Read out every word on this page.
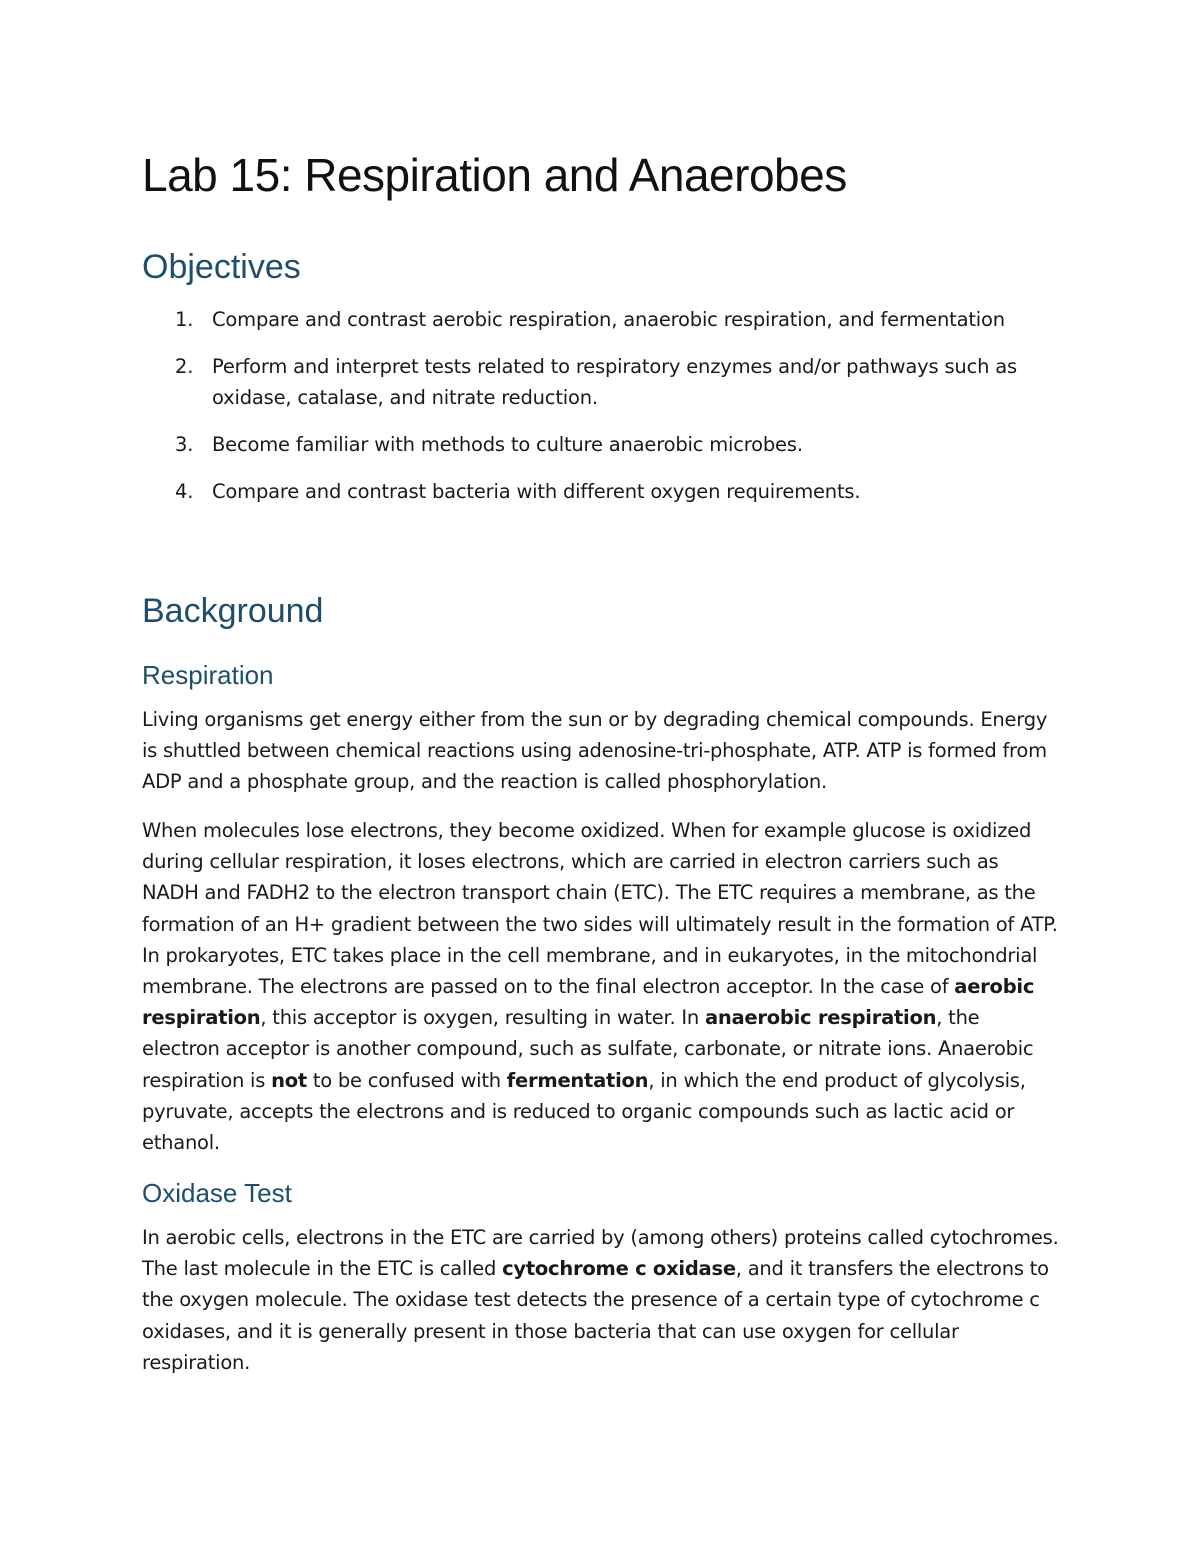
Lab 15: Respiration and Anaerobes
Objectives
1. Compare and contrast aerobic respiration, anaerobic respiration, and fermentation
2. Perform and interpret tests related to respiratory enzymes and/or pathways such as oxidase, catalase, and nitrate reduction.
3. Become familiar with methods to culture anaerobic microbes.
4. Compare and contrast bacteria with different oxygen requirements.
Background
Respiration

Living organisms get energy either from the sun or by degrading chemical compounds. Energy is shuttled between chemical reactions using adenosine-tri-phosphate, ATP. ATP is formed from ADP and a phosphate group, and the reaction is called phosphorylation.

When molecules lose electrons, they become oxidized. When for example glucose is oxidized during cellular respiration, it loses electrons, which are carried in electron carriers such as NADH and FADH2 to the electron transport chain (ETC). The ETC requires a membrane, as the formation of an H+ gradient between the two sides will ultimately result in the formation of ATP. In prokaryotes, ETC takes place in the cell membrane, and in eukaryotes, in the mitochondrial membrane. The electrons are passed on to the final electron acceptor. In the case of aerobic respiration, this acceptor is oxygen, resulting in water. In anaerobic respiration, the electron acceptor is another compound, such as sulfate, carbonate, or nitrate ions. Anaerobic respiration is not to be confused with fermentation, in which the end product of glycolysis, pyruvate, accepts the electrons and is reduced to organic compounds such as lactic acid or ethanol.

Oxidase Test

In aerobic cells, electrons in the ETC are carried by (among others) proteins called cytochromes. The last molecule in the ETC is called cytochrome c oxidase, and it transfers the electrons to the oxygen molecule. The oxidase test detects the presence of a certain type of cytochrome c oxidases, and it is generally present in those bacteria that can use oxygen for cellular respiration.
